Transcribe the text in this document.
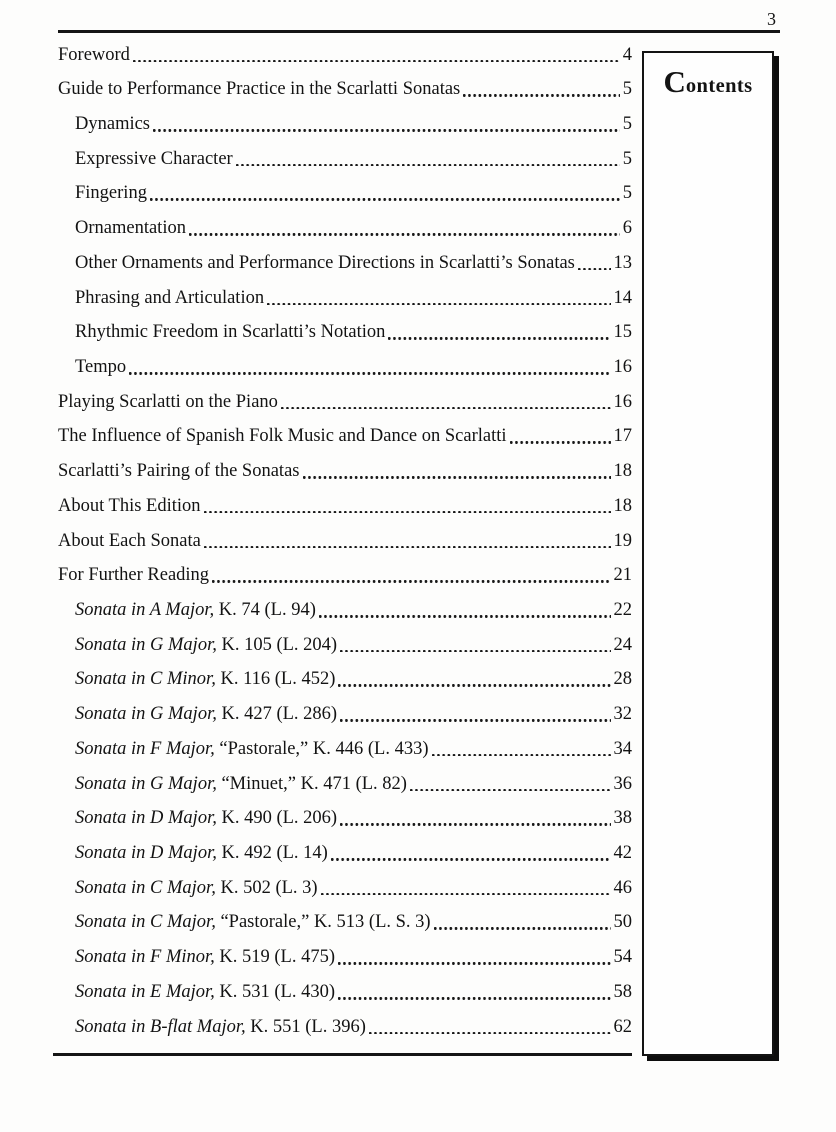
3
Contents
Foreword	4
Guide to Performance Practice in the Scarlatti Sonatas	5
Dynamics	5
Expressive Character	5
Fingering	5
Ornamentation	6
Other Ornaments and Performance Directions in Scarlatti’s Sonatas 13
Phrasing and Articulation	14
Rhythmic Freedom in Scarlatti’s Notation	15
Tempo	16
Playing Scarlatti on the Piano	16
The Influence of Spanish Folk Music and Dance on Scarlatti	17
Scarlatti’s Pairing of the Sonatas	18
About This Edition	18
About Each Sonata	19
For Further Reading	21
Sonata in A Major, K. 74 (L. 94)	22
Sonata in G Major, K. 105 (L. 204)	24
Sonata in C Minor, K. 116 (L. 452)	28
Sonata in G Major, K. 427 (L. 286)	32
Sonata in F Major, “Pastorale,” K. 446 (L. 433)	34
Sonata in G Major, “Minuet,” K. 471 (L. 82)	36
Sonata in D Major, K. 490 (L. 206)	38
Sonata in D Major, K. 492 (L. 14)	42
Sonata in C Major, K. 502 (L. 3)	46
Sonata in C Major, “Pastorale,” K. 513 (L. S. 3)	50
Sonata in F Minor, K. 519 (L. 475)	54
Sonata in E Major, K. 531 (L. 430)	58
Sonata in B-flat Major, K. 551 (L. 396)	62
